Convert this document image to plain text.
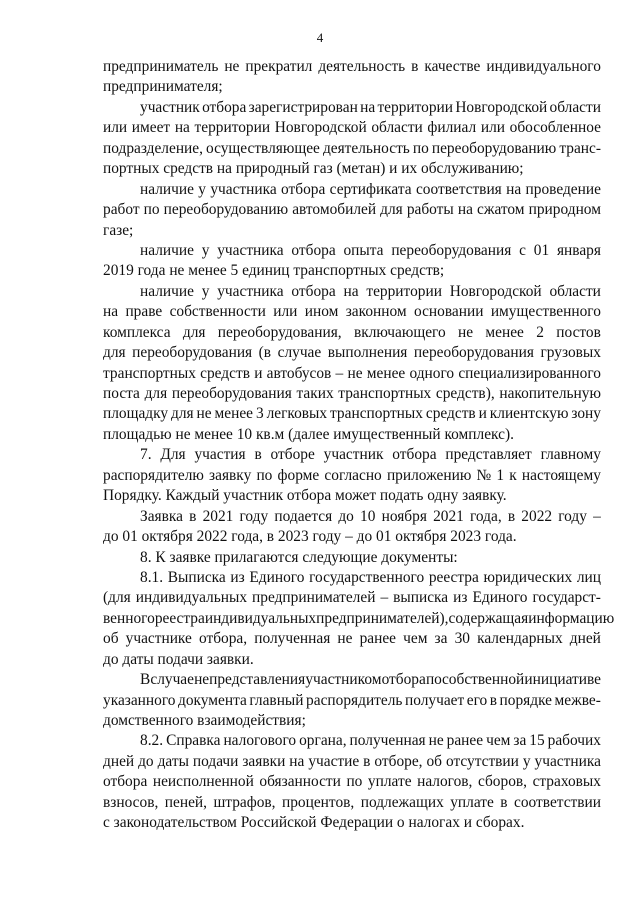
4
предприниматель не прекратил деятельность в качестве индивидуального
предпринимателя;
участник отбора зарегистрирован на территории Новгородской области
или имеет на территории Новгородской области филиал или обособленное
подразделение, осуществляющее деятельность по переоборудованию транс-
портных средств на природный газ (метан) и их обслуживанию;
наличие у участника отбора сертификата соответствия на проведение
работ по переоборудованию автомобилей для работы на сжатом природном
газе;
наличие у участника отбора опыта переоборудования с 01 января
2019 года не менее 5 единиц транспортных средств;
наличие у участника отбора на территории Новгородской области
на праве собственности или ином законном основании имущественного
комплекса для переоборудования, включающего не менее 2 постов
для переоборудования (в случае выполнения переоборудования грузовых
транспортных средств и автобусов – не менее одного специализированного
поста для переоборудования таких транспортных средств), накопительную
площадку для не менее 3 легковых транспортных средств и клиентскую зону
площадью не менее 10 кв.м (далее имущественный комплекс).
7. Для участия в отборе участник отбора представляет главному
распорядителю заявку по форме согласно приложению № 1 к настоящему
Порядку. Каждый участник отбора может подать одну заявку.
Заявка в 2021 году подается до 10 ноября 2021 года, в 2022 году –
до 01 октября 2022 года, в 2023 году – до 01 октября 2023 года.
8. К заявке прилагаются следующие документы:
8.1. Выписка из Единого государственного реестра юридических лиц
(для индивидуальных предпринимателей – выписка из Единого государст-
венного реестра индивидуальных предпринимателей), содержащая информацию
об участнике отбора, полученная не ранее чем за 30 календарных дней
до даты подачи заявки.
В случае непредставления участником отбора по собственной инициативе
указанного документа главный распорядитель получает его в порядке межве-
домственного взаимодействия;
8.2. Справка налогового органа, полученная не ранее чем за 15 рабочих
дней до даты подачи заявки на участие в отборе, об отсутствии у участника
отбора неисполненной обязанности по уплате налогов, сборов, страховых
взносов, пеней, штрафов, процентов, подлежащих уплате в соответствии
с законодательством Российской Федерации о налогах и сборах.
